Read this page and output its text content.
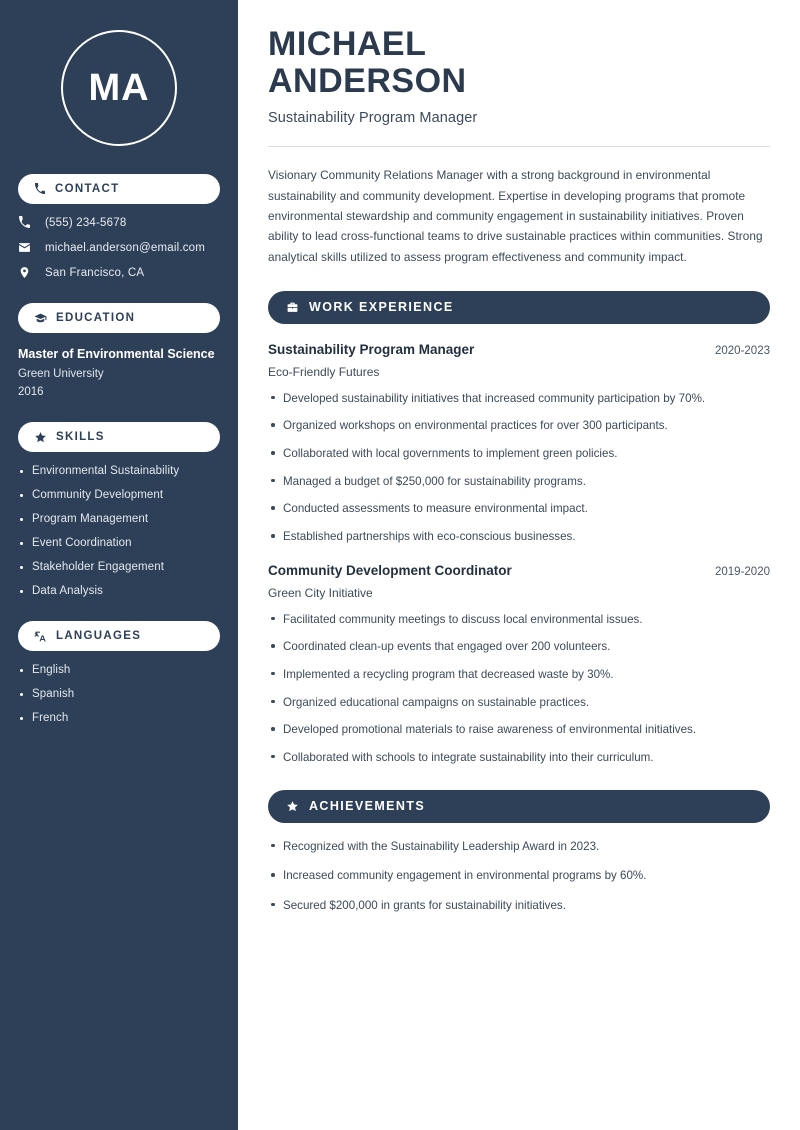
MA
CONTACT
(555) 234-5678
michael.anderson@email.com
San Francisco, CA
EDUCATION
Master of Environmental Science
Green University
2016
SKILLS
Environmental Sustainability
Community Development
Program Management
Event Coordination
Stakeholder Engagement
Data Analysis
LANGUAGES
English
Spanish
French
MICHAEL
ANDERSON
Sustainability Program Manager
Visionary Community Relations Manager with a strong background in environmental sustainability and community development. Expertise in developing programs that promote environmental stewardship and community engagement in sustainability initiatives. Proven ability to lead cross-functional teams to drive sustainable practices within communities. Strong analytical skills utilized to assess program effectiveness and community impact.
WORK EXPERIENCE
Sustainability Program Manager	2020-2023
Eco-Friendly Futures
Developed sustainability initiatives that increased community participation by 70%.
Organized workshops on environmental practices for over 300 participants.
Collaborated with local governments to implement green policies.
Managed a budget of $250,000 for sustainability programs.
Conducted assessments to measure environmental impact.
Established partnerships with eco-conscious businesses.
Community Development Coordinator	2019-2020
Green City Initiative
Facilitated community meetings to discuss local environmental issues.
Coordinated clean-up events that engaged over 200 volunteers.
Implemented a recycling program that decreased waste by 30%.
Organized educational campaigns on sustainable practices.
Developed promotional materials to raise awareness of environmental initiatives.
Collaborated with schools to integrate sustainability into their curriculum.
ACHIEVEMENTS
Recognized with the Sustainability Leadership Award in 2023.
Increased community engagement in environmental programs by 60%.
Secured $200,000 in grants for sustainability initiatives.
